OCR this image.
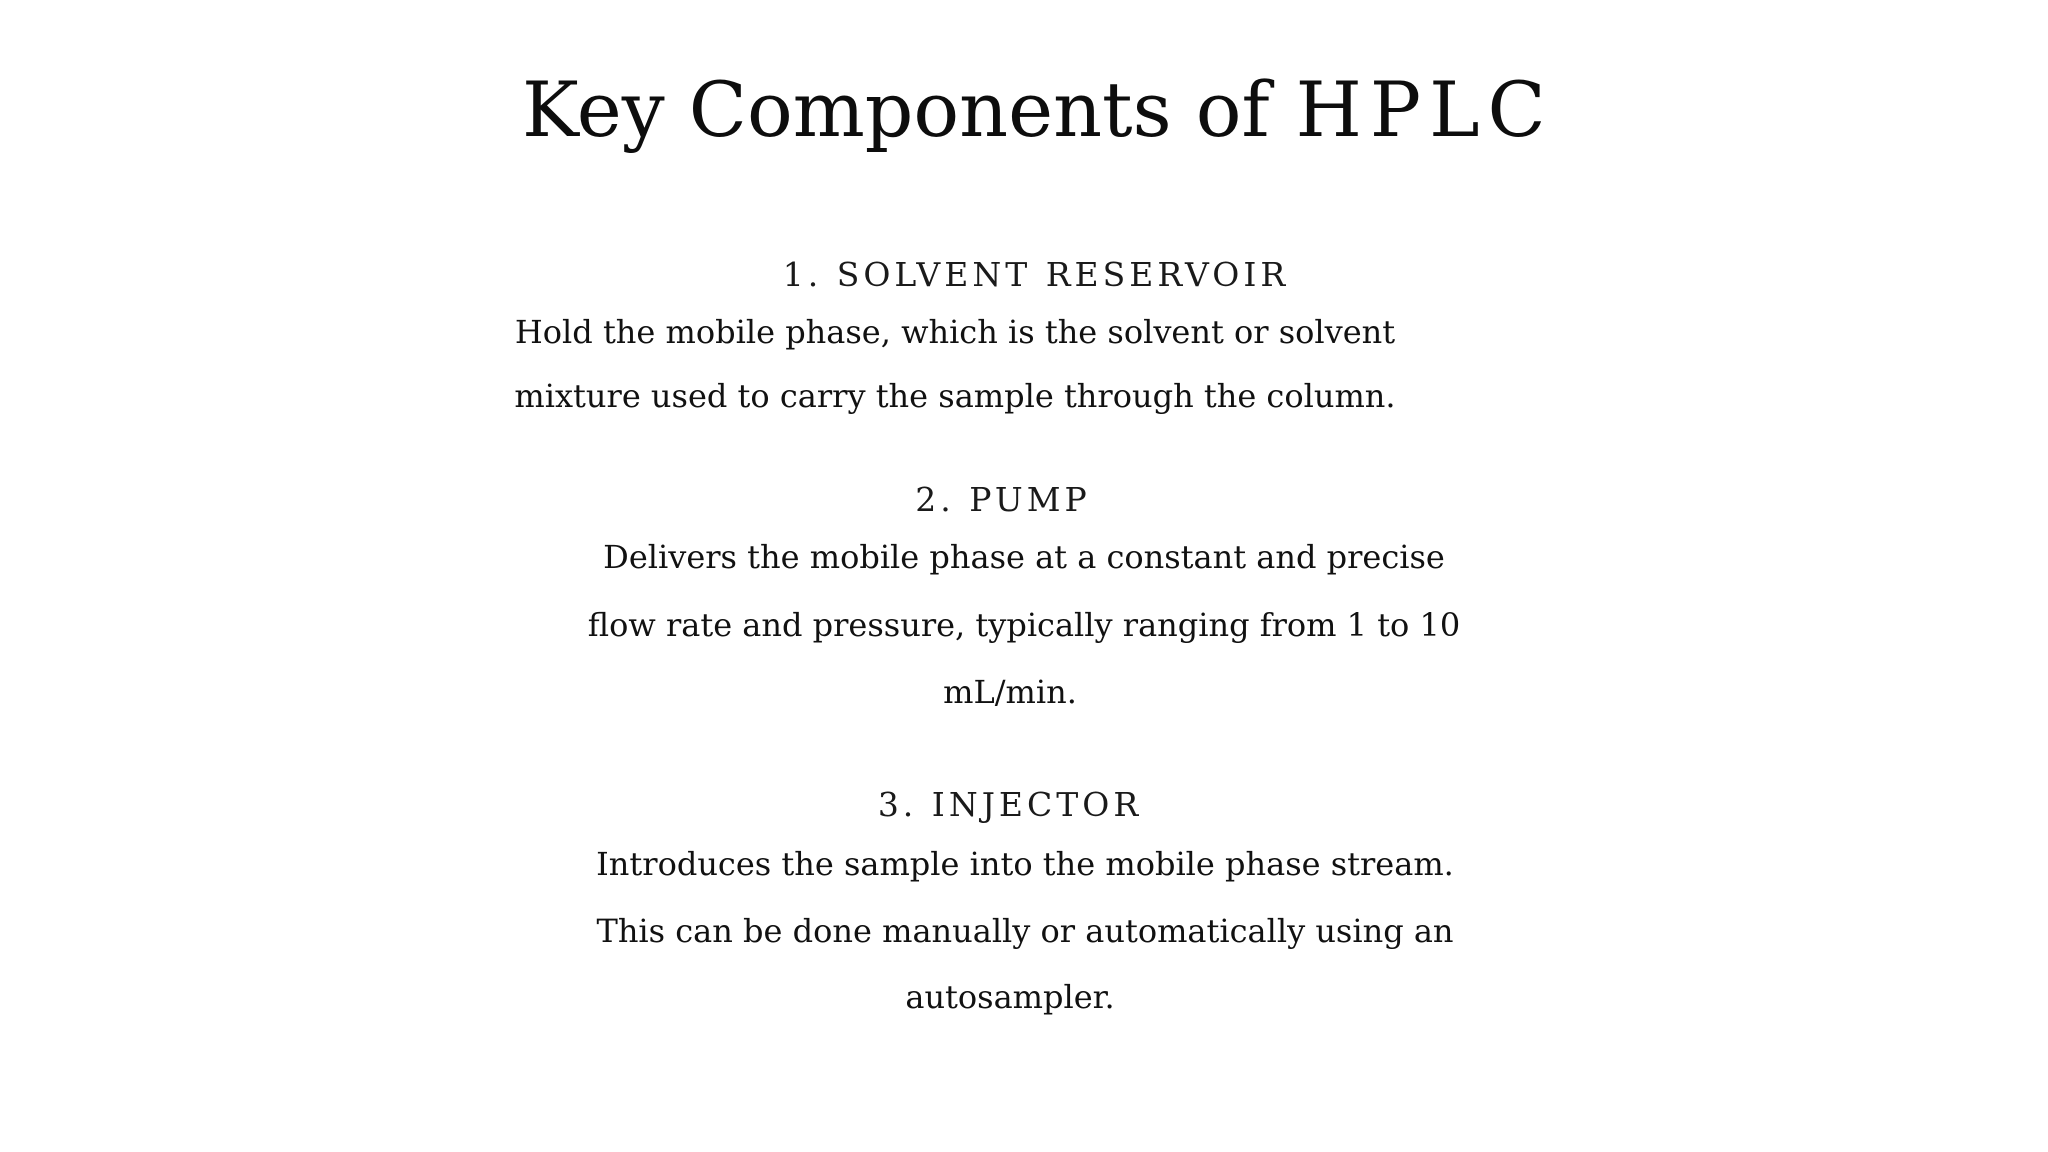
Key Components of HPLC
1. SOLVENT RESERVOIR
Hold the mobile phase, which is the solvent or solvent
mixture used to carry the sample through the column.
2. PUMP
Delivers the mobile phase at a constant and precise
flow rate and pressure, typically ranging from 1 to 10
mL/min.
3. INJECTOR
Introduces the sample into the mobile phase stream.
This can be done manually or automatically using an
autosampler.
